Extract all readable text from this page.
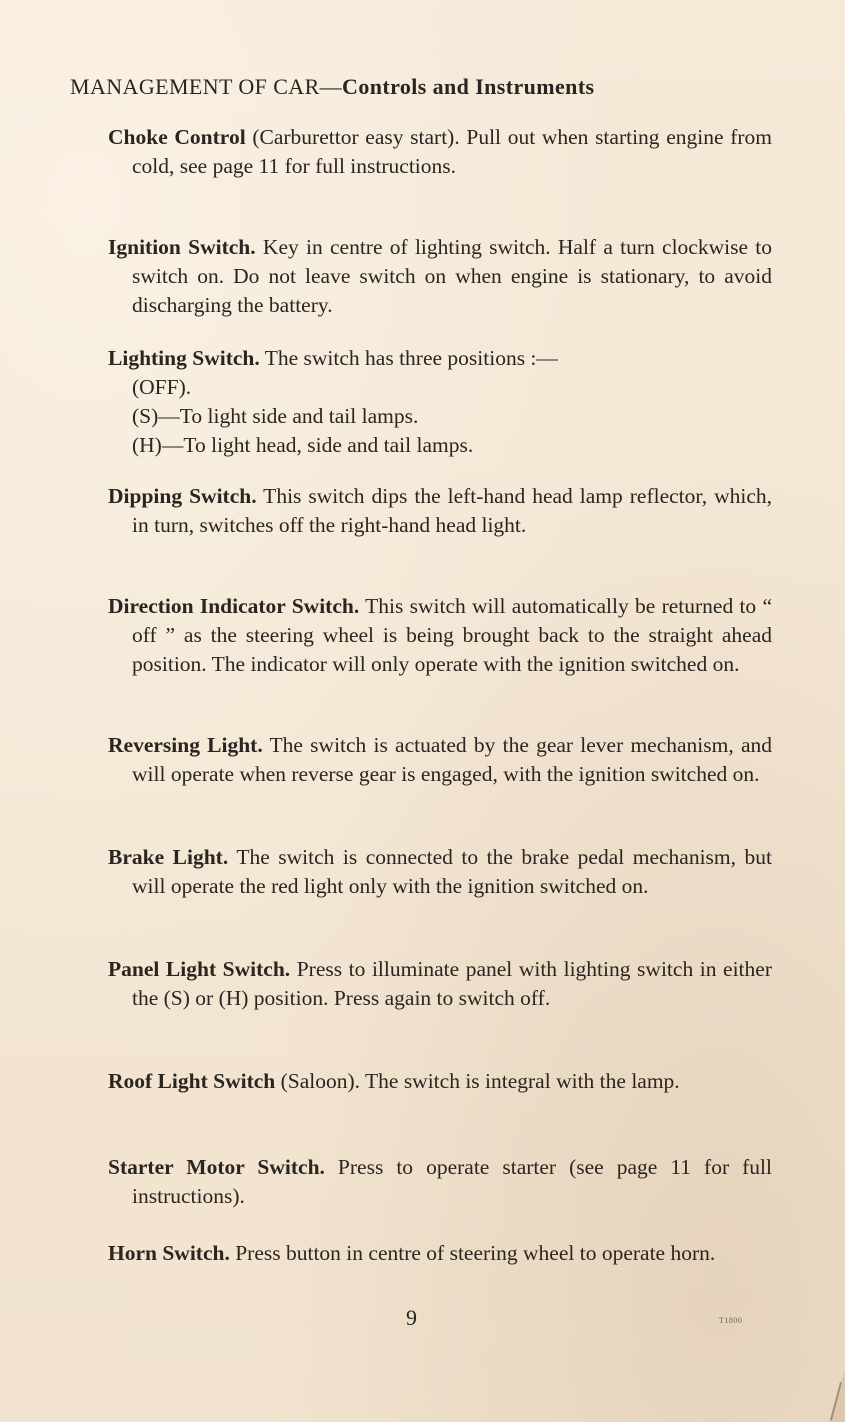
MANAGEMENT OF CAR—Controls and Instruments
Choke Control (Carburettor easy start). Pull out when starting engine from cold, see page 11 for full instructions.
Ignition Switch. Key in centre of lighting switch. Half a turn clockwise to switch on. Do not leave switch on when engine is stationary, to avoid discharging the battery.
Lighting Switch. The switch has three positions :—
(OFF).
(S)—To light side and tail lamps.
(H)—To light head, side and tail lamps.
Dipping Switch. This switch dips the left-hand head lamp reflector, which, in turn, switches off the right-hand head light.
Direction Indicator Switch. This switch will automatically be returned to “ off ” as the steering wheel is being brought back to the straight ahead position. The indicator will only operate with the ignition switched on.
Reversing Light. The switch is actuated by the gear lever mechanism, and will operate when reverse gear is engaged, with the ignition switched on.
Brake Light. The switch is connected to the brake pedal mechanism, but will operate the red light only with the ignition switched on.
Panel Light Switch. Press to illuminate panel with lighting switch in either the (S) or (H) position. Press again to switch off.
Roof Light Switch (Saloon). The switch is integral with the lamp.
Starter Motor Switch. Press to operate starter (see page 11 for full instructions).
Horn Switch. Press button in centre of steering wheel to operate horn.
9	T1800
